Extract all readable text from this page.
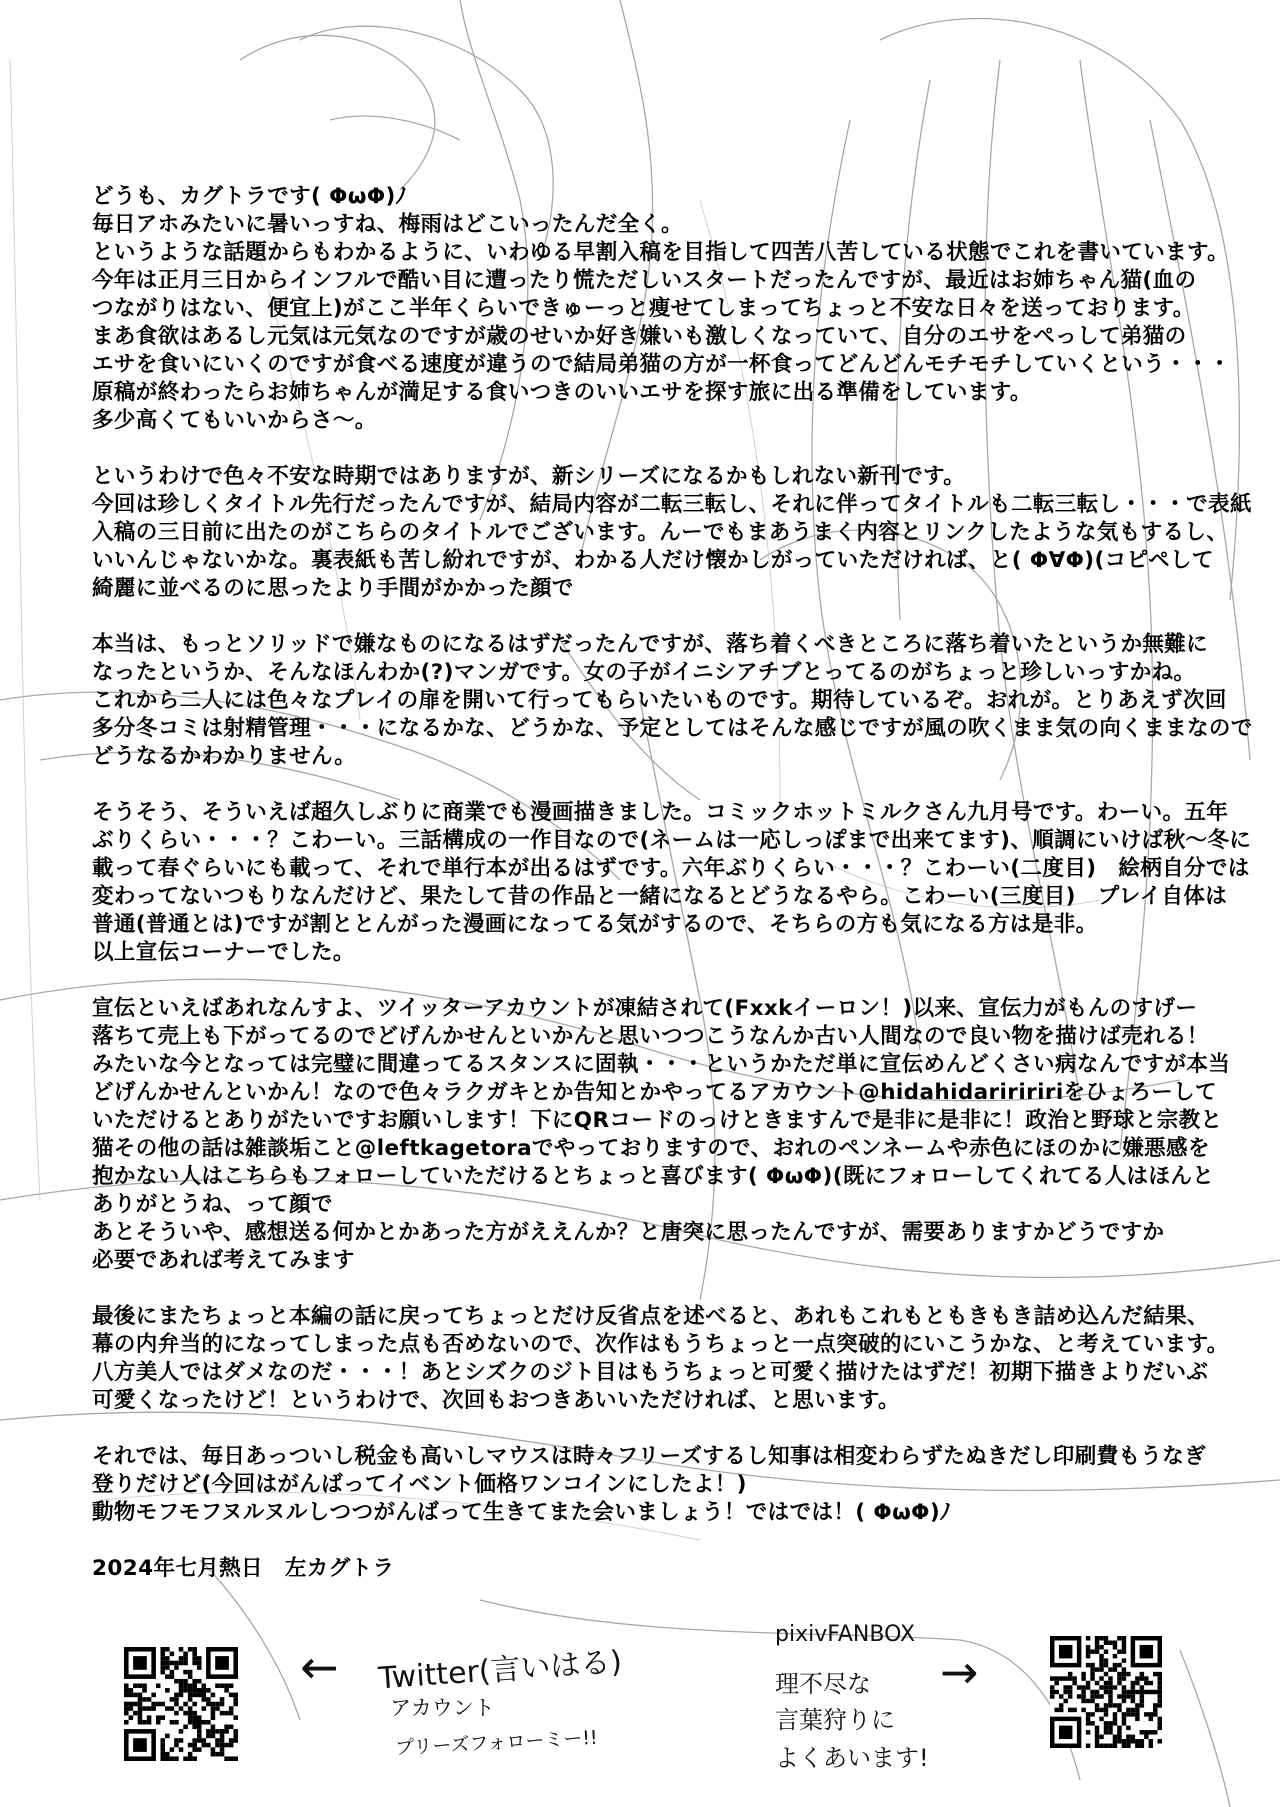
どうも、カグトラです( ΦωΦ)ﾉ
毎日アホみたいに暑いっすね、梅雨はどこいったんだ全く。
というような話題からもわかるように、いわゆる早割入稿を目指して四苦八苦している状態でこれを書いています。
今年は正月三日からインフルで酷い目に遭ったり慌ただしいスタートだったんですが、最近はお姉ちゃん猫(血の
つながりはない、便宜上)がここ半年くらいできゅーっと痩せてしまってちょっと不安な日々を送っております。
まあ食欲はあるし元気は元気なのですが歳のせいか好き嫌いも激しくなっていて、自分のエサをぺっして弟猫の
エサを食いにいくのですが食べる速度が違うので結局弟猫の方が一杯食ってどんどんモチモチしていくという・・・
原稿が終わったらお姉ちゃんが満足する食いつきのいいエサを探す旅に出る準備をしています。
多少高くてもいいからさ～。
というわけで色々不安な時期ではありますが、新シリーズになるかもしれない新刊です。
今回は珍しくタイトル先行だったんですが、結局内容が二転三転し、それに伴ってタイトルも二転三転し・・・で表紙
入稿の三日前に出たのがこちらのタイトルでございます。んーでもまあうまく内容とリンクしたような気もするし、
いいんじゃないかな。裏表紙も苦し紛れですが、わかる人だけ懐かしがっていただければ、と( Φ∀Φ)(コピペして
綺麗に並べるのに思ったより手間がかかった顔で
本当は、もっとソリッドで嫌なものになるはずだったんですが、落ち着くべきところに落ち着いたというか無難に
なったというか、そんなほんわか(?)マンガです。女の子がイニシアチブとってるのがちょっと珍しいっすかね。
これから二人には色々なプレイの扉を開いて行ってもらいたいものです。期待しているぞ。おれが。とりあえず次回
多分冬コミは射精管理・・・になるかな、どうかな、予定としてはそんな感じですが風の吹くまま気の向くままなので
どうなるかわかりません。
そうそう、そういえば超久しぶりに商業でも漫画描きました。コミックホットミルクさん九月号です。わーい。五年
ぶりくらい・・・？こわーい。三話構成の一作目なので(ネームは一応しっぽまで出来てます)、順調にいけば秋～冬に
載って春ぐらいにも載って、それで単行本が出るはずです。六年ぶりくらい・・・？こわーい(二度目)　絵柄自分では
変わってないつもりなんだけど、果たして昔の作品と一緒になるとどうなるやら。こわーい(三度目)　プレイ自体は
普通(普通とは)ですが割ととんがった漫画になってる気がするので、そちらの方も気になる方は是非。
以上宣伝コーナーでした。
宣伝といえばあれなんすよ、ツイッターアカウントが凍結されて(Fxxkイーロン！)以来、宣伝力がもんのすげー
落ちて売上も下がってるのでどげんかせんといかんと思いつつこうなんか古い人間なので良い物を描けば売れる！
みたいな今となっては完璧に間違ってるスタンスに固執・・・というかただ単に宣伝めんどくさい病なんですが本当
どげんかせんといかん！なので色々ラクガキとか告知とかやってるアカウント@hidahidaririririをひょろーして
いただけるとありがたいですお願いします！下にQRコードのっけときますんで是非に是非に！政治と野球と宗教と
猫その他の話は雑談垢こと@leftkagetoraでやっておりますので、おれのペンネームや赤色にほのかに嫌悪感を
抱かない人はこちらもフォローしていただけるとちょっと喜びます( ΦωΦ)(既にフォローしてくれてる人はほんと
ありがとうね、って顔で
あとそういや、感想送る何かとかあった方がええんか？と唐突に思ったんですが、需要ありますかどうですか
必要であれば考えてみます
最後にまたちょっと本編の話に戻ってちょっとだけ反省点を述べると、あれもこれもともきもき詰め込んだ結果、
幕の内弁当的になってしまった点も否めないので、次作はもうちょっと一点突破的にいこうかな、と考えています。
八方美人ではダメなのだ・・・！あとシズクのジト目はもうちょっと可愛く描けたはずだ！初期下描きよりだいぶ
可愛くなったけど！というわけで、次回もおつきあいいただければ、と思います。
それでは、毎日あっついし税金も高いしマウスは時々フリーズするし知事は相変わらずたぬきだし印刷費もうなぎ
登りだけど(今回はがんばってイベント価格ワンコインにしたよ！)
動物モフモフヌルヌルしつつがんばって生きてまた会いましょう！ではでは！( ΦωΦ)ﾉ
2024年七月熱日　左カグトラ
← Twitter(言いはる)
アカウント
プリーズフォローミー!!
pixivFANBOX
理不尽な
言葉狩りに
よくあいます!
→
